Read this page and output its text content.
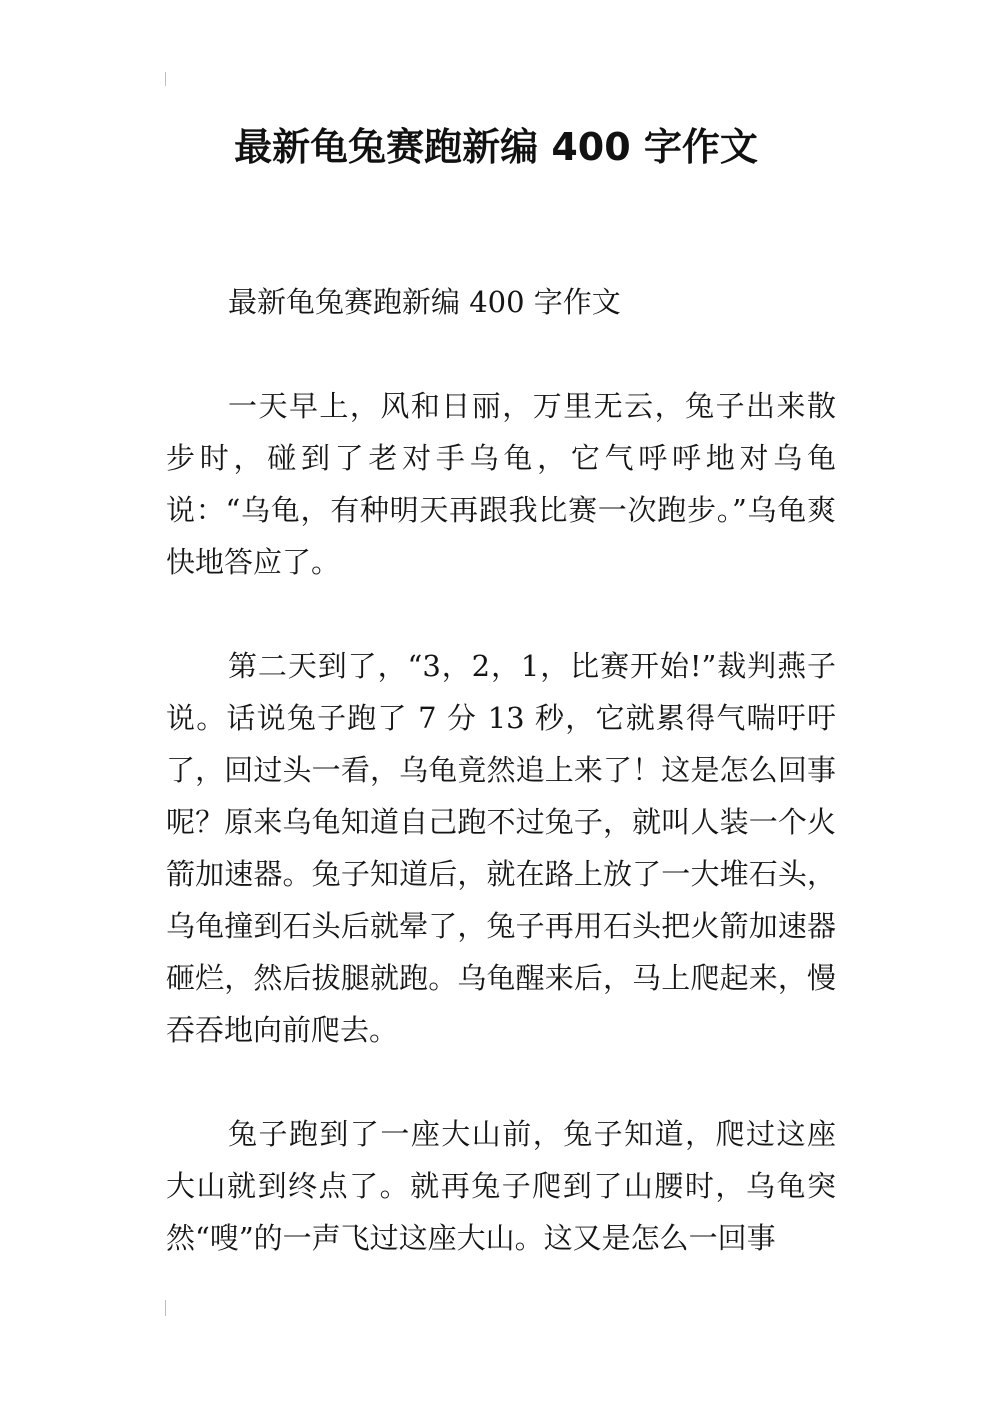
最新龟兔赛跑新编 400 字作文
最新龟兔赛跑新编 400 字作文

一天早上，风和日丽，万里无云，兔子出来散步时，碰到了老对手乌龟，它气呼呼地对乌龟说：“乌龟，有种明天再跟我比赛一次跑步。”乌龟爽快地答应了。

第二天到了，“3，2，1，比赛开始!”裁判燕子说。话说兔子跑了 7 分 13 秒，它就累得气喘吁吁了，回过头一看，乌龟竟然追上来了！这是怎么回事呢？原来乌龟知道自己跑不过兔子，就叫人装一个火箭加速器。兔子知道后，就在路上放了一大堆石头，乌龟撞到石头后就晕了，兔子再用石头把火箭加速器砸烂，然后拔腿就跑。乌龟醒来后，马上爬起来，慢吞吞地向前爬去。

兔子跑到了一座大山前，兔子知道，爬过这座大山就到终点了。就再兔子爬到了山腰时，乌龟突然“嗖”的一声飞过这座大山。这又是怎么一回事
